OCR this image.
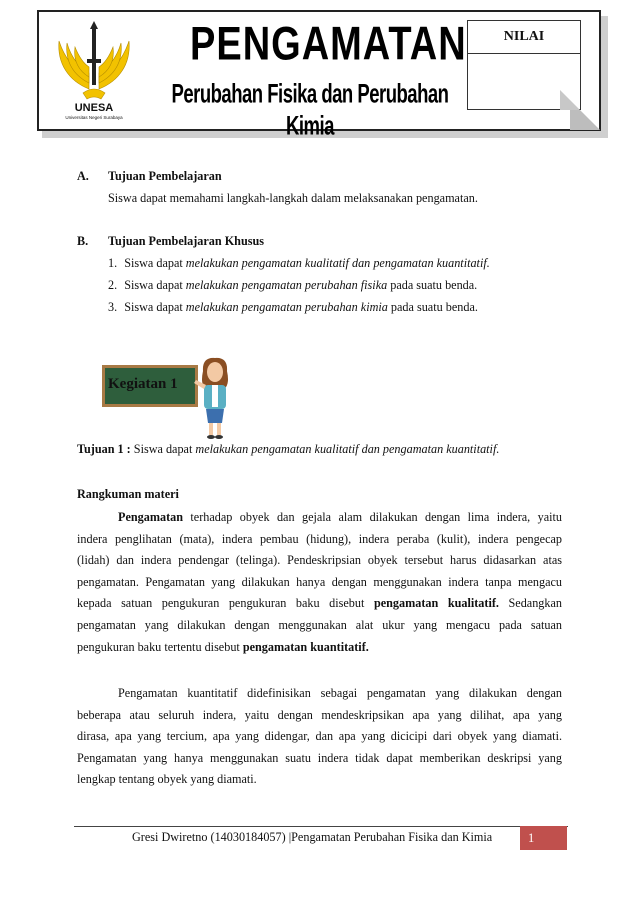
UNESA
Universitas Negeri Surabaya
PENGAMATAN
Perubahan Fisika dan Perubahan Kimia
NILAI
A. Tujuan Pembelajaran
Siswa dapat memahami langkah-langkah dalam melaksanakan pengamatan.
B. Tujuan Pembelajaran Khusus
1. Siswa dapat melakukan pengamatan kualitatif dan pengamatan kuantitatif.
2. Siswa dapat melakukan pengamatan perubahan fisika pada suatu benda.
3. Siswa dapat melakukan pengamatan perubahan kimia pada suatu benda.
Kegiatan 1
Tujuan 1 : Siswa dapat melakukan pengamatan kualitatif dan pengamatan kuantitatif.
Rangkuman materi
Pengamatan terhadap obyek dan gejala alam dilakukan dengan lima indera, yaitu
indera penglihatan (mata), indera pembau (hidung), indera peraba (kulit), indera pengecap
(lidah) dan indera pendengar (telinga). Pendeskripsian obyek tersebut harus didasarkan atas
pengamatan. Pengamatan yang dilakukan hanya dengan menggunakan indera tanpa mengacu
kepada satuan pengukuran pengukuran baku disebut pengamatan kualitatif. Sedangkan
pengamatan yang dilakukan dengan menggunakan alat ukur yang mengacu pada satuan
pengukuran baku tertentu disebut pengamatan kuantitatif.
Pengamatan kuantitatif didefinisikan sebagai pengamatan yang dilakukan dengan
beberapa atau seluruh indera, yaitu dengan mendeskripsikan apa yang dilihat, apa yang
dirasa, apa yang tercium, apa yang didengar, dan apa yang dicicipi dari obyek yang diamati.
Pengamatan yang hanya menggunakan suatu indera tidak dapat memberikan deskripsi yang
lengkap tentang obyek yang diamati.
Gresi Dwiretno (14030184057) |Pengamatan Perubahan Fisika dan Kimia	1
